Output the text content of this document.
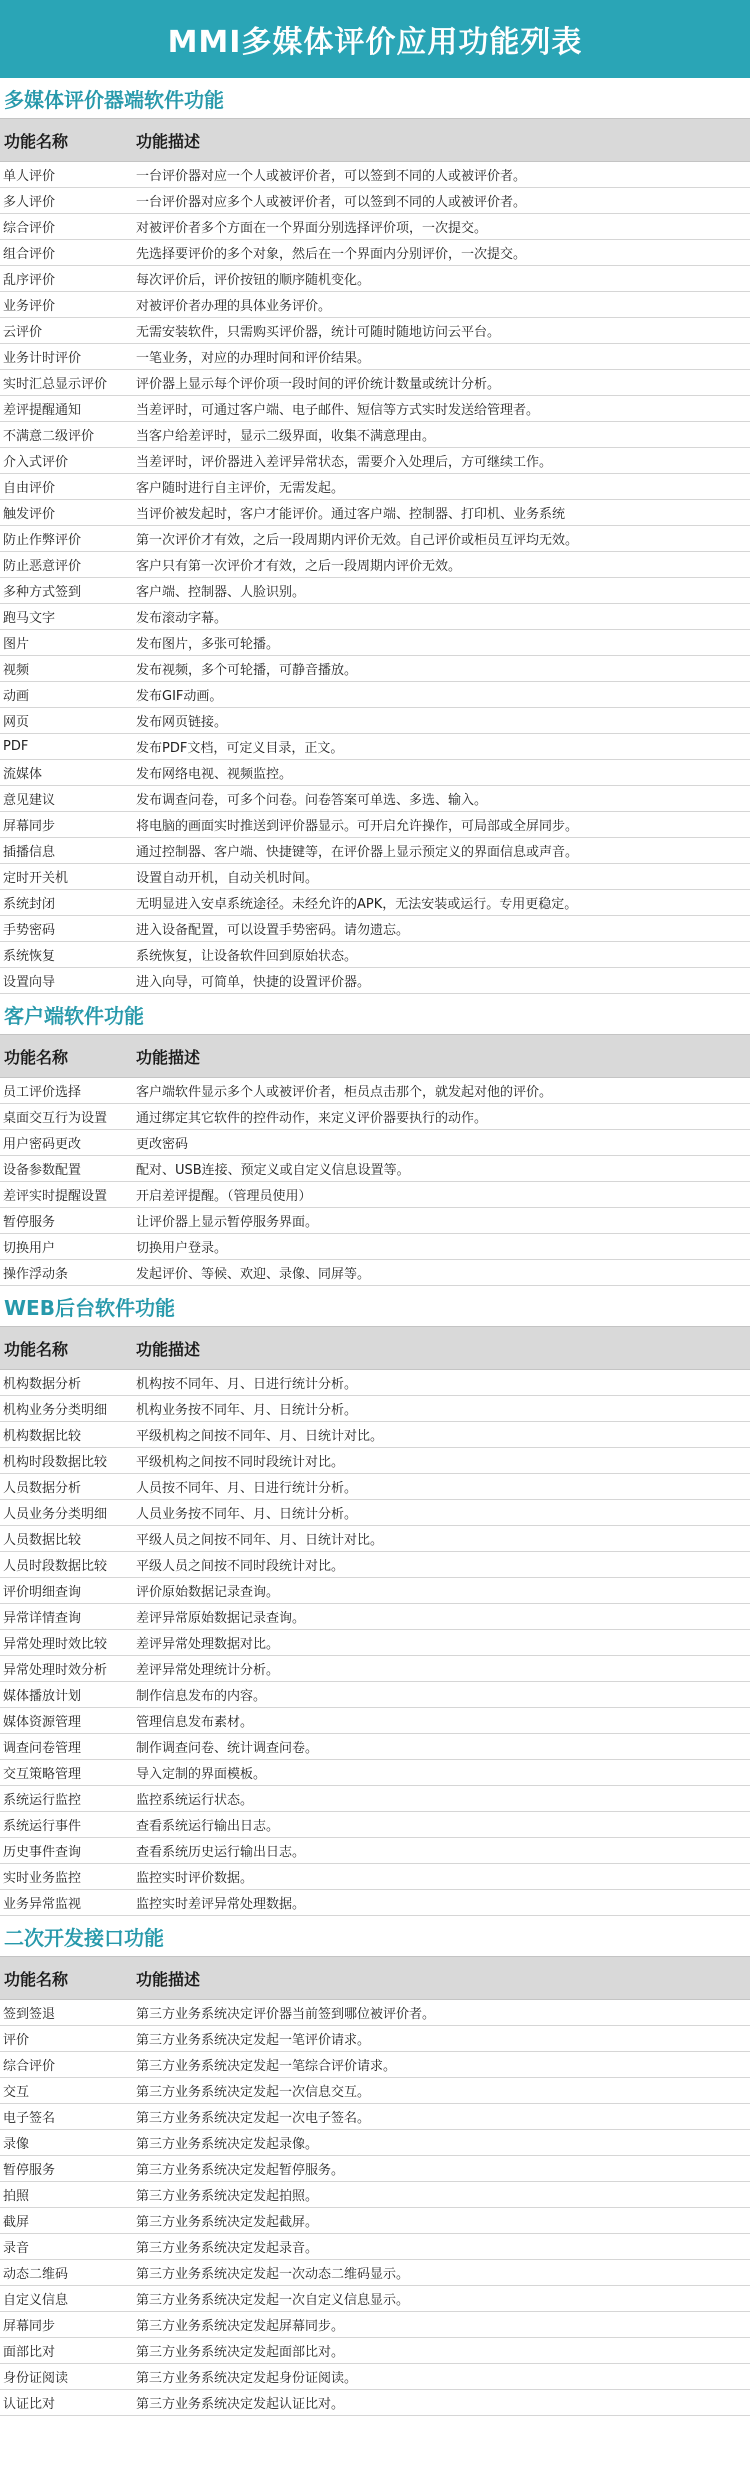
MMI多媒体评价应用功能列表
多媒体评价器端软件功能
功能名称	功能描述
单人评价	一台评价器对应一个人或被评价者，可以签到不同的人或被评价者。
多人评价	一台评价器对应多个人或被评价者，可以签到不同的人或被评价者。
综合评价	对被评价者多个方面在一个界面分别选择评价项，一次提交。
组合评价	先选择要评价的多个对象，然后在一个界面内分别评价，一次提交。
乱序评价	每次评价后，评价按钮的顺序随机变化。
业务评价	对被评价者办理的具体业务评价。
云评价	无需安装软件，只需购买评价器，统计可随时随地访问云平台。
业务计时评价	一笔业务，对应的办理时间和评价结果。
实时汇总显示评价	评价器上显示每个评价项一段时间的评价统计数量或统计分析。
差评提醒通知	当差评时，可通过客户端、电子邮件、短信等方式实时发送给管理者。
不满意二级评价	当客户给差评时，显示二级界面，收集不满意理由。
介入式评价	当差评时，评价器进入差评异常状态，需要介入处理后，方可继续工作。
自由评价	客户随时进行自主评价，无需发起。
触发评价	当评价被发起时，客户才能评价。通过客户端、控制器、打印机、业务系统
防止作弊评价	第一次评价才有效，之后一段周期内评价无效。自己评价或柜员互评均无效。
防止恶意评价	客户只有第一次评价才有效，之后一段周期内评价无效。
多种方式签到	客户端、控制器、人脸识别。
跑马文字	发布滚动字幕。
图片	发布图片，多张可轮播。
视频	发布视频，多个可轮播，可静音播放。
动画	发布GIF动画。
网页	发布网页链接。
PDF	发布PDF文档，可定义目录，正文。
流媒体	发布网络电视、视频监控。
意见建议	发布调查问卷，可多个问卷。问卷答案可单选、多选、输入。
屏幕同步	将电脑的画面实时推送到评价器显示。可开启允许操作，可局部或全屏同步。
插播信息	通过控制器、客户端、快捷键等，在评价器上显示预定义的界面信息或声音。
定时开关机	设置自动开机，自动关机时间。
系统封闭	无明显进入安卓系统途径。未经允许的APK，无法安装或运行。专用更稳定。
手势密码	进入设备配置，可以设置手势密码。请勿遗忘。
系统恢复	系统恢复，让设备软件回到原始状态。
设置向导	进入向导，可简单，快捷的设置评价器。
客户端软件功能
功能名称	功能描述
员工评价选择	客户端软件显示多个人或被评价者，柜员点击那个，就发起对他的评价。
桌面交互行为设置	通过绑定其它软件的控件动作，来定义评价器要执行的动作。
用户密码更改	更改密码
设备参数配置	配对、USB连接、预定义或自定义信息设置等。
差评实时提醒设置	开启差评提醒。（管理员使用）
暂停服务	让评价器上显示暂停服务界面。
切换用户	切换用户登录。
操作浮动条	发起评价、等候、欢迎、录像、同屏等。
WEB后台软件功能
功能名称	功能描述
机构数据分析	机构按不同年、月、日进行统计分析。
机构业务分类明细	机构业务按不同年、月、日统计分析。
机构数据比较	平级机构之间按不同年、月、日统计对比。
机构时段数据比较	平级机构之间按不同时段统计对比。
人员数据分析	人员按不同年、月、日进行统计分析。
人员业务分类明细	人员业务按不同年、月、日统计分析。
人员数据比较	平级人员之间按不同年、月、日统计对比。
人员时段数据比较	平级人员之间按不同时段统计对比。
评价明细查询	评价原始数据记录查询。
异常详情查询	差评异常原始数据记录查询。
异常处理时效比较	差评异常处理数据对比。
异常处理时效分析	差评异常处理统计分析。
媒体播放计划	制作信息发布的内容。
媒体资源管理	管理信息发布素材。
调查问卷管理	制作调查问卷、统计调查问卷。
交互策略管理	导入定制的界面模板。
系统运行监控	监控系统运行状态。
系统运行事件	查看系统运行输出日志。
历史事件查询	查看系统历史运行输出日志。
实时业务监控	监控实时评价数据。
业务异常监视	监控实时差评异常处理数据。
二次开发接口功能
功能名称	功能描述
签到签退	第三方业务系统决定评价器当前签到哪位被评价者。
评价	第三方业务系统决定发起一笔评价请求。
综合评价	第三方业务系统决定发起一笔综合评价请求。
交互	第三方业务系统决定发起一次信息交互。
电子签名	第三方业务系统决定发起一次电子签名。
录像	第三方业务系统决定发起录像。
暂停服务	第三方业务系统决定发起暂停服务。
拍照	第三方业务系统决定发起拍照。
截屏	第三方业务系统决定发起截屏。
录音	第三方业务系统决定发起录音。
动态二维码	第三方业务系统决定发起一次动态二维码显示。
自定义信息	第三方业务系统决定发起一次自定义信息显示。
屏幕同步	第三方业务系统决定发起屏幕同步。
面部比对	第三方业务系统决定发起面部比对。
身份证阅读	第三方业务系统决定发起身份证阅读。
认证比对	第三方业务系统决定发起认证比对。
